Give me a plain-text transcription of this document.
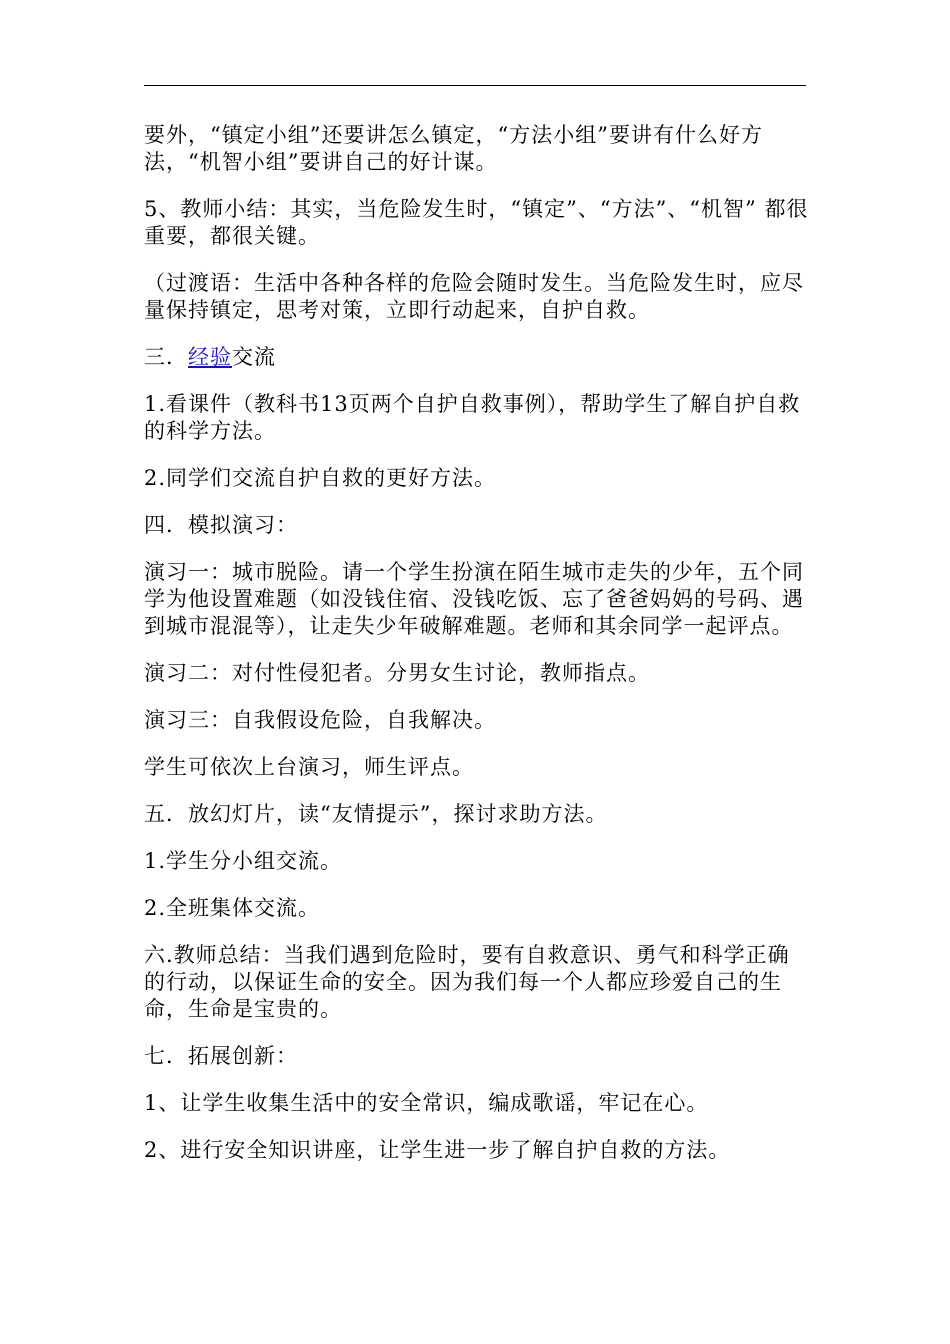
要外，“镇定小组”还要讲怎么镇定，“方法小组”要讲有什么好方法，“机智小组”要讲自己的好计谋。

5、教师小结：其实，当危险发生时，“镇定”、“方法”、“机智” 都很重要，都很关键。

（过渡语：生活中各种各样的危险会随时发生。当危险发生时，应尽量保持镇定，思考对策，立即行动起来，自护自救。

三．经验交流

1.看课件（教科书13页两个自护自救事例），帮助学生了解自护自救的科学方法。

2.同学们交流自护自救的更好方法。

四．模拟演习：

演习一：城市脱险。请一个学生扮演在陌生城市走失的少年，五个同学为他设置难题（如没钱住宿、没钱吃饭、忘了爸爸妈妈的号码、遇到城市混混等），让走失少年破解难题。老师和其余同学一起评点。

演习二：对付性侵犯者。分男女生讨论，教师指点。

演习三：自我假设危险，自我解决。

学生可依次上台演习，师生评点。

五．放幻灯片，读“友情提示”，探讨求助方法。

1.学生分小组交流。

2.全班集体交流。

六.教师总结：当我们遇到危险时，要有自救意识、勇气和科学正确的行动，以保证生命的安全。因为我们每一个人都应珍爱自己的生命，生命是宝贵的。

七．拓展创新：

1、让学生收集生活中的安全常识，编成歌谣，牢记在心。

2、进行安全知识讲座，让学生进一步了解自护自救的方法。
